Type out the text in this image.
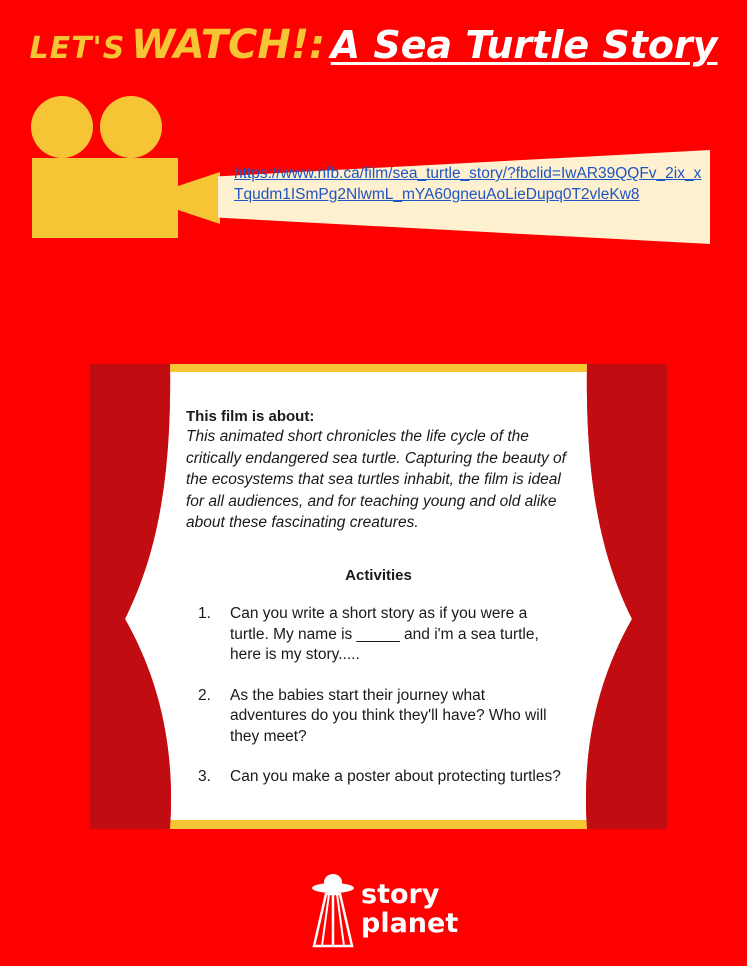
LET'S WATCH!: A Sea Turtle Story
https://www.nfb.ca/film/sea_turtle_story/?fbclid=IwAR39QQFv_2ix_xTqudm1ISmPg2NlwmL_mYA60gneuAoLieDupq0T2vleKw8
This film is about:
This animated short chronicles the life cycle of the critically endangered sea turtle. Capturing the beauty of the ecosystems that sea turtles inhabit, the film is ideal for all audiences, and for teaching young and old alike about these fascinating creatures.
Activities
1. Can you write a short story as if you were a turtle. My name is _____ and i'm a sea turtle, here is my story.....
2. As the babies start their journey what adventures do you think they'll have? Who will they meet?
3. Can you make a poster about protecting turtles?
story
planet
